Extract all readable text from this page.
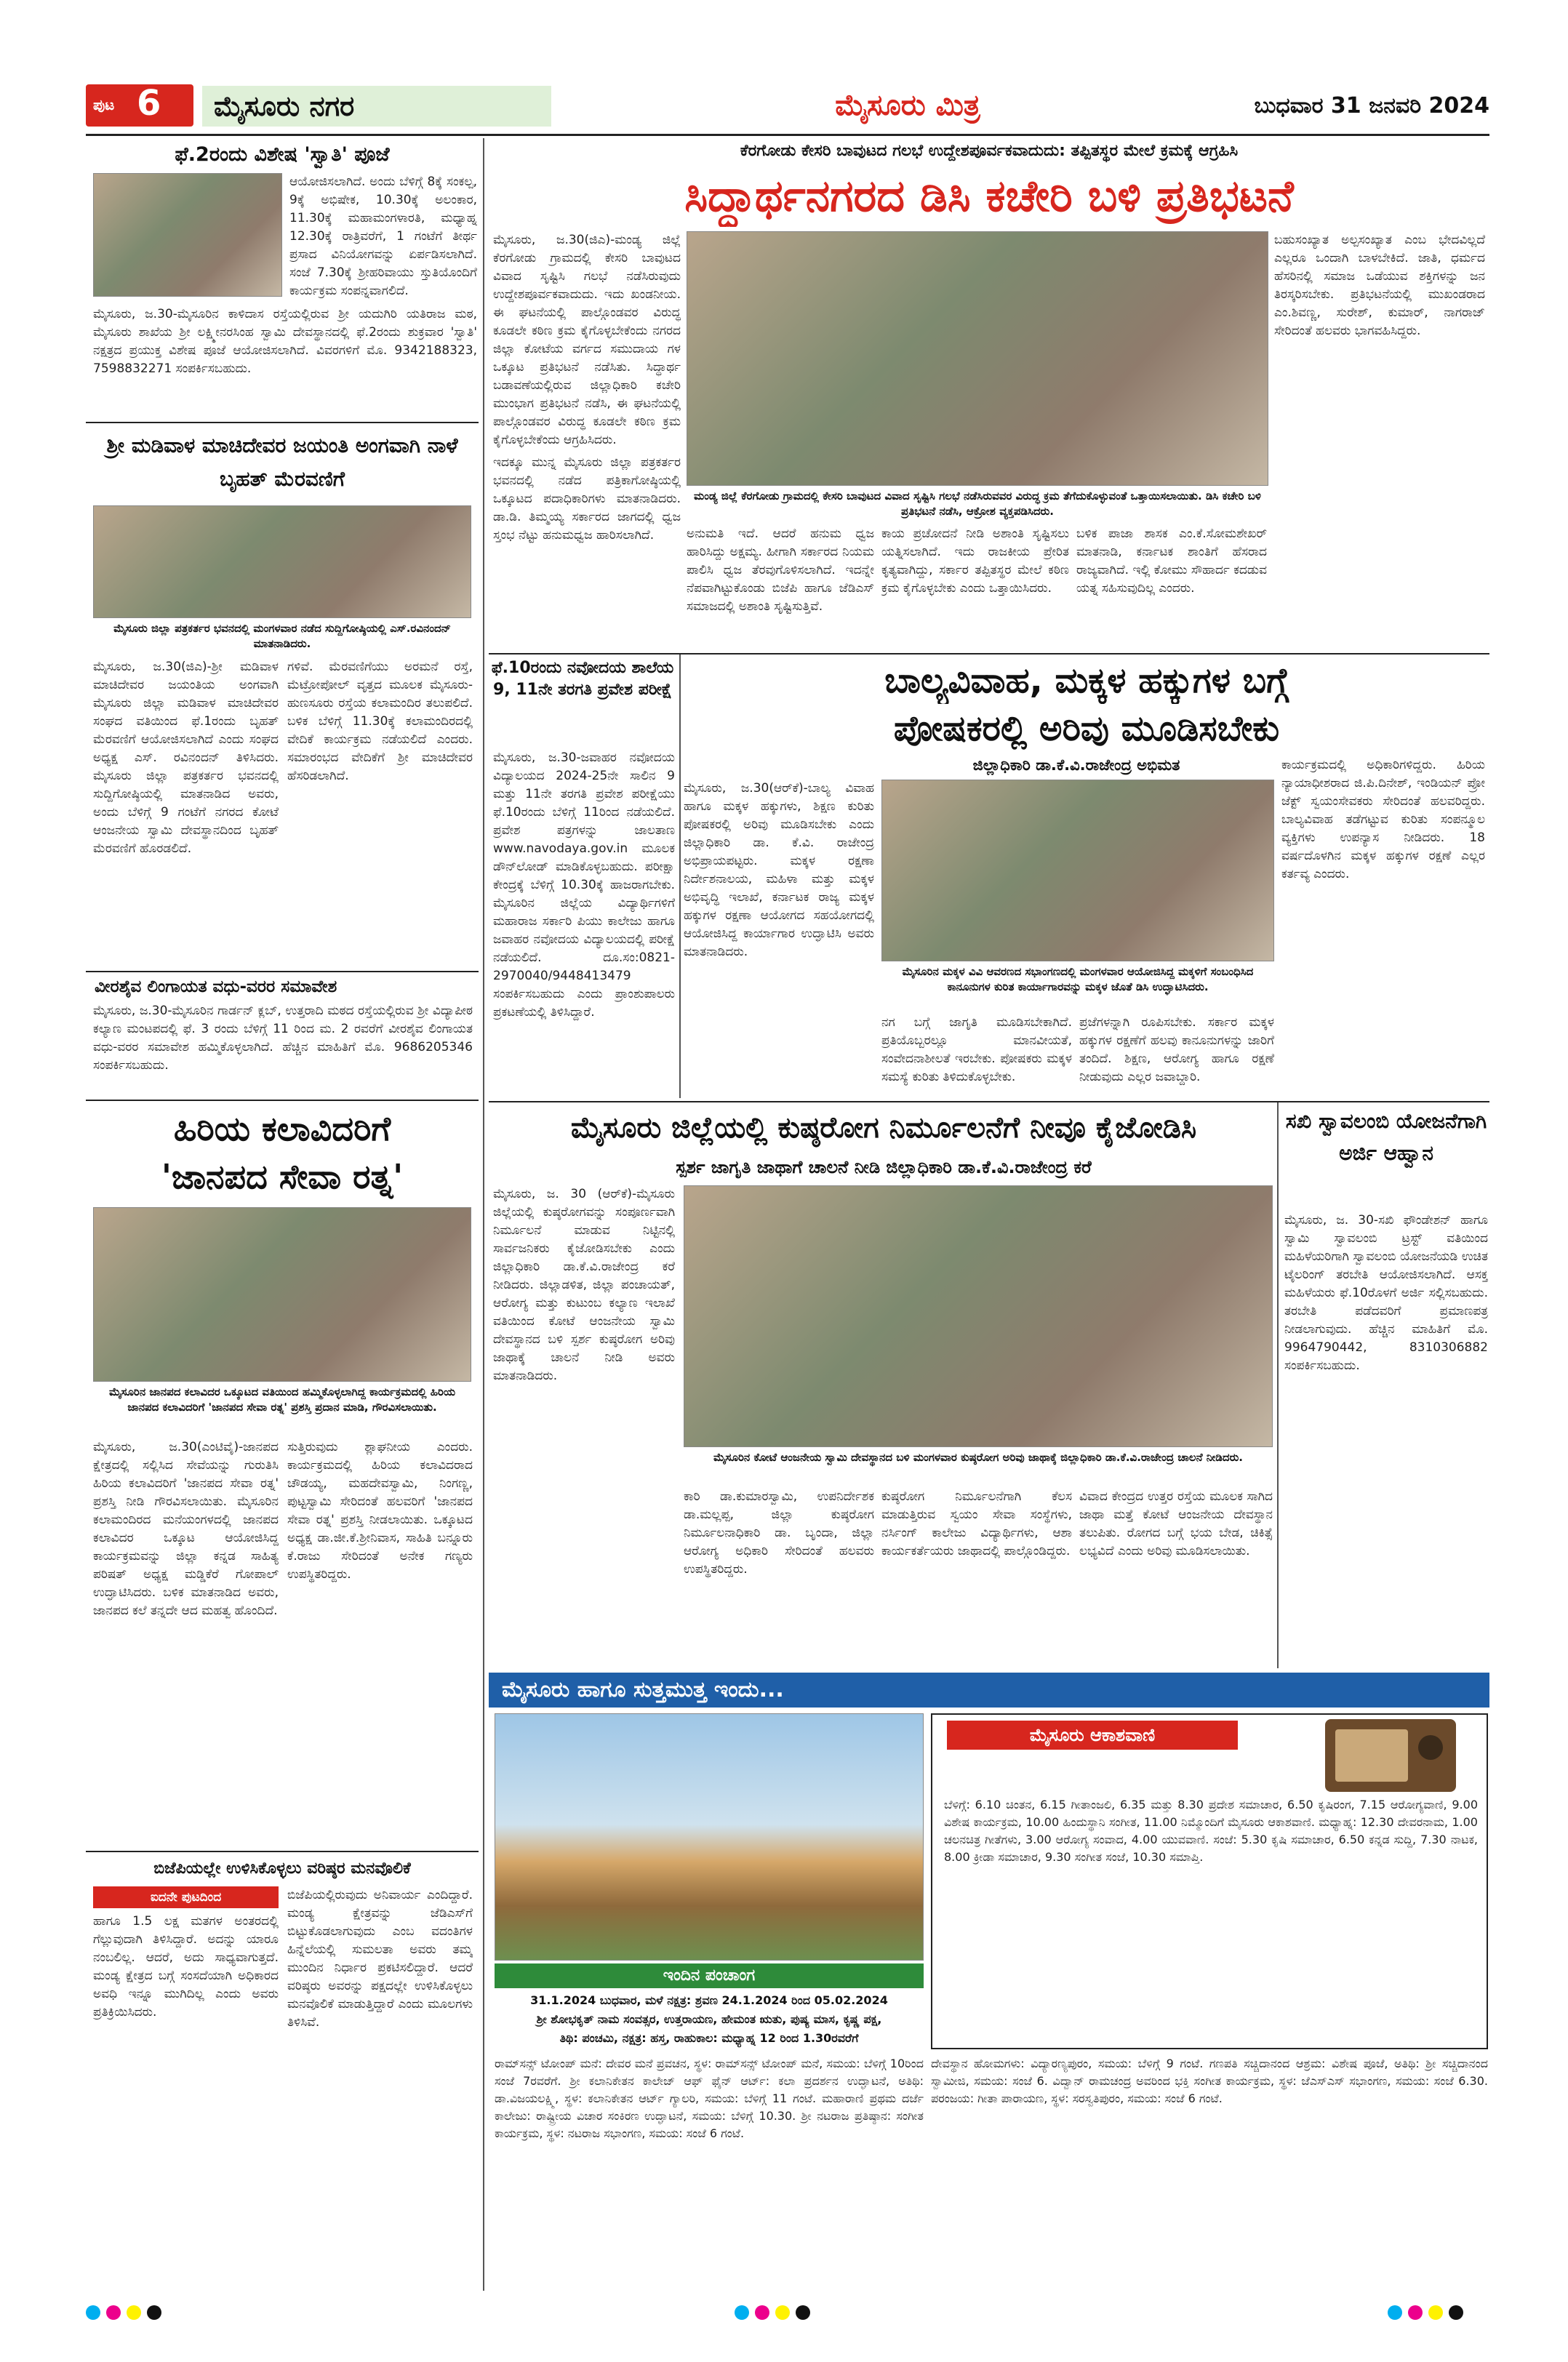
ಪುಟ 6	ಮೈಸೂರು ನಗರ	ಮೈಸೂರು ಮಿತ್ರ	ಬುಧವಾರ 31 ಜನವರಿ 2024
ಫೆ.2ರಂದು ವಿಶೇಷ 'ಸ್ವಾತಿ' ಪೂಜೆ
ಆಯೋಜಿಸಲಾಗಿದೆ. ಅಂದು ಬೆಳಿಗ್ಗೆ 8ಕ್ಕೆ ಸಂಕಲ್ಪ, 9ಕ್ಕೆ ಅಭಿಷೇಕ, 10.30ಕ್ಕೆ ಅಲಂಕಾರ, 11.30ಕ್ಕೆ ಮಹಾಮಂಗಳಾರತಿ, ಮಧ್ಯಾಹ್ನ 12.30ಕ್ಕೆ ರಾತ್ರಿವರೆಗೆ, 1 ಗಂಟೆಗೆ ತೀರ್ಥ ಪ್ರಸಾದ ವಿನಿಯೋಗವನ್ನು ಏರ್ಪಡಿಸಲಾಗಿದೆ. ಸಂಜೆ 7.30ಕ್ಕೆ ಶ್ರೀಹರಿವಾಯು ಸ್ತುತಿಯೊಂದಿಗೆ ಕಾರ್ಯಕ್ರಮ ಸಂಪನ್ನವಾಗಲಿದೆ.
ಮೈಸೂರು, ಜ.30-ಮೈಸೂರಿನ ಕಾಳಿದಾಸ ರಸ್ತೆಯಲ್ಲಿರುವ ಶ್ರೀ ಯದುಗಿರಿ ಯತಿರಾಜ ಮಠ, ಮೈಸೂರು ಶಾಖೆಯ ಶ್ರೀ ಲಕ್ಷ್ಮೀನರಸಿಂಹ ಸ್ವಾಮಿ ದೇವಸ್ಥಾನದಲ್ಲಿ ಫೆ.2ರಂದು ಶುಕ್ರವಾರ 'ಸ್ವಾತಿ' ನಕ್ಷತ್ರದ ಪ್ರಯುಕ್ತ ವಿಶೇಷ ಪೂಜೆ ಆಯೋಜಿಸಲಾಗಿದೆ. ವಿವರಗಳಿಗೆ ಮೊ. 9342188323, 7598832271 ಸಂಪರ್ಕಿಸಬಹುದು.
ಶ್ರೀ ಮಡಿವಾಳ ಮಾಚಿದೇವರ ಜಯಂತಿ ಅಂಗವಾಗಿ ನಾಳೆ ಬೃಹತ್ ಮೆರವಣಿಗೆ
ಮೈಸೂರು ಜಿಲ್ಲಾ ಪತ್ರಕರ್ತರ ಭವನದಲ್ಲಿ ಮಂಗಳವಾರ ನಡೆದ ಸುದ್ದಿಗೋಷ್ಠಿಯಲ್ಲಿ ಎಸ್.ರವಿನಂದನ್ ಮಾತನಾಡಿದರು.
ಮೈಸೂರು, ಜ.30(ಜಿಎ)-ಶ್ರೀ ಮಡಿವಾಳ ಮಾಚಿದೇವರ ಜಯಂತಿಯ ಅಂಗವಾಗಿ ಮೈಸೂರು ಜಿಲ್ಲಾ ಮಡಿವಾಳ ಮಾಚಿದೇವರ ಸಂಘದ ವತಿಯಿಂದ ಫೆ.1ರಂದು ಬೃಹತ್ ಮೆರವಣಿಗೆ ಆಯೋಜಿಸಲಾಗಿದೆ ಎಂದು ಸಂಘದ ಅಧ್ಯಕ್ಷ ಎಸ್. ರವಿನಂದನ್ ತಿಳಿಸಿದರು. ಮೈಸೂರು ಜಿಲ್ಲಾ ಪತ್ರಕರ್ತರ ಭವನದಲ್ಲಿ ಸುದ್ದಿಗೋಷ್ಠಿಯಲ್ಲಿ ಮಾತನಾಡಿದ ಅವರು, ಅಂದು ಬೆಳಿಗ್ಗೆ 9 ಗಂಟೆಗೆ ನಗರದ ಕೋಟೆ ಆಂಜನೇಯ ಸ್ವಾಮಿ ದೇವಸ್ಥಾನದಿಂದ ಬೃಹತ್ ಮೆರವಣಿಗೆ ಹೊರಡಲಿದೆ.
ಗಳಿವೆ. ಮೆರವಣಿಗೆಯು ಅರಮನೆ ರಸ್ತೆ, ಮೆಟ್ರೋಪೋಲ್ ವೃತ್ತದ ಮೂಲಕ ಮೈಸೂರು-ಹುಣಸೂರು ರಸ್ತೆಯ ಕಲಾಮಂದಿರ ತಲುಪಲಿದೆ. ಬಳಿಕ ಬೆಳಿಗ್ಗೆ 11.30ಕ್ಕೆ ಕಲಾಮಂದಿರದಲ್ಲಿ ವೇದಿಕೆ ಕಾರ್ಯಕ್ರಮ ನಡೆಯಲಿದೆ ಎಂದರು. ಸಮಾರಂಭದ ವೇದಿಕೆಗೆ ಶ್ರೀ ಮಾಚಿದೇವರ ಹೆಸರಿಡಲಾಗಿದೆ.
ವೀರಶೈವ ಲಿಂಗಾಯತ ವಧು-ವರರ ಸಮಾವೇಶ
ಮೈಸೂರು, ಜ.30-ಮೈಸೂರಿನ ಗಾರ್ಡನ್ ಕ್ಲಬ್, ಉತ್ತರಾದಿ ಮಠದ ರಸ್ತೆಯಲ್ಲಿರುವ ಶ್ರೀ ವಿದ್ಯಾಪೀಠ ಕಲ್ಯಾಣ ಮಂಟಪದಲ್ಲಿ ಫೆ. 3 ರಂದು ಬೆಳಿಗ್ಗೆ 11 ರಿಂದ ಮ. 2 ರವರೆಗೆ ವೀರಶೈವ ಲಿಂಗಾಯತ ವಧು-ವರರ ಸಮಾವೇಶ ಹಮ್ಮಿಕೊಳ್ಳಲಾಗಿದೆ. ಹೆಚ್ಚಿನ ಮಾಹಿತಿಗೆ ಮೊ. 9686205346 ಸಂಪರ್ಕಿಸಬಹುದು.
ಹಿರಿಯ ಕಲಾವಿದರಿಗೆ
'ಜಾನಪದ ಸೇವಾ ರತ್ನ'
ಮೈಸೂರಿನ ಜಾನಪದ ಕಲಾವಿದರ ಒಕ್ಕೂಟದ ವತಿಯಿಂದ ಹಮ್ಮಿಕೊಳ್ಳಲಾಗಿದ್ದ ಕಾರ್ಯಕ್ರಮದಲ್ಲಿ ಹಿರಿಯ ಜಾನಪದ ಕಲಾವಿದರಿಗೆ 'ಜಾನಪದ ಸೇವಾ ರತ್ನ' ಪ್ರಶಸ್ತಿ ಪ್ರದಾನ ಮಾಡಿ, ಗೌರವಿಸಲಾಯಿತು.
ಮೈಸೂರು, ಜ.30(ಎಂಟಿವೈ)-ಜಾನಪದ ಕ್ಷೇತ್ರದಲ್ಲಿ ಸಲ್ಲಿಸಿದ ಸೇವೆಯನ್ನು ಗುರುತಿಸಿ ಹಿರಿಯ ಕಲಾವಿದರಿಗೆ 'ಜಾನಪದ ಸೇವಾ ರತ್ನ' ಪ್ರಶಸ್ತಿ ನೀಡಿ ಗೌರವಿಸಲಾಯಿತು. ಮೈಸೂರಿನ ಕಲಾಮಂದಿರದ ಮನೆಯಂಗಳದಲ್ಲಿ ಜಾನಪದ ಕಲಾವಿದರ ಒಕ್ಕೂಟ ಆಯೋಜಿಸಿದ್ದ ಕಾರ್ಯಕ್ರಮವನ್ನು ಜಿಲ್ಲಾ ಕನ್ನಡ ಸಾಹಿತ್ಯ ಪರಿಷತ್ ಅಧ್ಯಕ್ಷ ಮಡ್ಡಿಕೆರೆ ಗೋಪಾಲ್ ಉದ್ಘಾಟಿಸಿದರು. ಬಳಿಕ ಮಾತನಾಡಿದ ಅವರು, ಜಾನಪದ ಕಲೆ ತನ್ನದೇ ಆದ ಮಹತ್ವ ಹೊಂದಿದೆ.
ಸುತ್ತಿರುವುದು ಶ್ಲಾಘನೀಯ ಎಂದರು. ಕಾರ್ಯಕ್ರಮದಲ್ಲಿ ಹಿರಿಯ ಕಲಾವಿದರಾದ ಚೌಡಯ್ಯ, ಮಹದೇವಸ್ವಾಮಿ, ನಿಂಗಣ್ಣ, ಪುಟ್ಟಸ್ವಾಮಿ ಸೇರಿದಂತೆ ಹಲವರಿಗೆ 'ಜಾನಪದ ಸೇವಾ ರತ್ನ' ಪ್ರಶಸ್ತಿ ನೀಡಲಾಯಿತು. ಒಕ್ಕೂಟದ ಅಧ್ಯಕ್ಷ ಡಾ.ಜೀ.ಕೆ.ಶ್ರೀನಿವಾಸ, ಸಾಹಿತಿ ಬನ್ನೂರು ಕೆ.ರಾಜು ಸೇರಿದಂತೆ ಅನೇಕ ಗಣ್ಯರು ಉಪಸ್ಥಿತರಿದ್ದರು.
ಬಿಜೆಪಿಯಲ್ಲೇ ಉಳಿಸಿಕೊಳ್ಳಲು ವರಿಷ್ಠರ ಮನವೊಲಿಕೆ
ಐದನೇ ಪುಟದಿಂದ
ಹಾಗೂ 1.5 ಲಕ್ಷ ಮತಗಳ ಅಂತರದಲ್ಲಿ ಗೆಲ್ಲುವುದಾಗಿ ತಿಳಿಸಿದ್ದಾರೆ. ಅದನ್ನು ಯಾರೂ ನಂಬಲಿಲ್ಲ. ಆದರೆ, ಅದು ಸಾಧ್ಯವಾಗುತ್ತದೆ. ಮಂಡ್ಯ ಕ್ಷೇತ್ರದ ಬಗ್ಗೆ ಸಂಸದೆಯಾಗಿ ಅಧಿಕಾರದ ಅವಧಿ ಇನ್ನೂ ಮುಗಿದಿಲ್ಲ ಎಂದು ಅವರು ಪ್ರತಿಕ್ರಿಯಿಸಿದರು.
ಬಿಜೆಪಿಯಲ್ಲಿರುವುದು ಅನಿವಾರ್ಯ ಎಂದಿದ್ದಾರೆ. ಮಂಡ್ಯ ಕ್ಷೇತ್ರವನ್ನು ಜೆಡಿಎಸ್‌ಗೆ ಬಿಟ್ಟುಕೊಡಲಾಗುವುದು ಎಂಬ ವದಂತಿಗಳ ಹಿನ್ನೆಲೆಯಲ್ಲಿ ಸುಮಲತಾ ಅವರು ತಮ್ಮ ಮುಂದಿನ ನಿರ್ಧಾರ ಪ್ರಕಟಿಸಲಿದ್ದಾರೆ. ಆದರೆ ವರಿಷ್ಠರು ಅವರನ್ನು ಪಕ್ಷದಲ್ಲೇ ಉಳಿಸಿಕೊಳ್ಳಲು ಮನವೊಲಿಕೆ ಮಾಡುತ್ತಿದ್ದಾರೆ ಎಂದು ಮೂಲಗಳು ತಿಳಿಸಿವೆ.
ಕೆರಗೋಡು ಕೇಸರಿ ಬಾವುಟದ ಗಲಭೆ ಉದ್ದೇಶಪೂರ್ವಕವಾದುದು: ತಪ್ಪಿತಸ್ಥರ ಮೇಲೆ ಕ್ರಮಕ್ಕೆ ಆಗ್ರಹಿಸಿ
ಸಿದ್ಧಾರ್ಥನಗರದ ಡಿಸಿ ಕಚೇರಿ ಬಳಿ ಪ್ರತಿಭಟನೆ
ಮೈಸೂರು, ಜ.30(ಜಿಎ)-ಮಂಡ್ಯ ಜಿಲ್ಲೆ ಕೆರಗೋಡು ಗ್ರಾಮದಲ್ಲಿ ಕೇಸರಿ ಬಾವುಟದ ವಿವಾದ ಸೃಷ್ಟಿಸಿ ಗಲಭೆ ನಡೆಸಿರುವುದು ಉದ್ದೇಶಪೂರ್ವಕವಾದುದು. ಇದು ಖಂಡನೀಯ. ಈ ಘಟನೆಯಲ್ಲಿ ಪಾಲ್ಗೊಂಡವರ ವಿರುದ್ಧ ಕೂಡಲೇ ಕಠಿಣ ಕ್ರಮ ಕೈಗೊಳ್ಳಬೇಕೆಂದು ನಗರದ ಜಿಲ್ಲಾ ಕೋಟೆಯ ವರ್ಗದ ಸಮುದಾಯ ಗಳ ಒಕ್ಕೂಟ ಪ್ರತಿಭಟನೆ ನಡೆಸಿತು. ಸಿದ್ಧಾರ್ಥ ಬಡಾವಣೆಯಲ್ಲಿರುವ ಜಿಲ್ಲಾಧಿಕಾರಿ ಕಚೇರಿ ಮುಂಭಾಗ ಪ್ರತಿಭಟನೆ ನಡೆಸಿ, ಈ ಘಟನೆಯಲ್ಲಿ ಪಾಲ್ಗೊಂಡವರ ವಿರುದ್ಧ ಕೂಡಲೇ ಕಠಿಣ ಕ್ರಮ ಕೈಗೊಳ್ಳಬೇಕೆಂದು ಆಗ್ರಹಿಸಿದರು.
ಇದಕ್ಕೂ ಮುನ್ನ ಮೈಸೂರು ಜಿಲ್ಲಾ ಪತ್ರಕರ್ತರ ಭವನದಲ್ಲಿ ನಡೆದ ಪತ್ರಿಕಾಗೋಷ್ಠಿಯಲ್ಲಿ ಒಕ್ಕೂಟದ ಪದಾಧಿಕಾರಿಗಳು ಮಾತನಾಡಿದರು. ಡಾ.ಡಿ. ತಿಮ್ಮಯ್ಯ ಸರ್ಕಾರದ ಜಾಗದಲ್ಲಿ ಧ್ವಜ ಸ್ತಂಭ ನೆಟ್ಟು ಹನುಮಧ್ವಜ ಹಾರಿಸಲಾಗಿದೆ.
ಮಂಡ್ಯ ಜಿಲ್ಲೆ ಕೆರಗೋಡು ಗ್ರಾಮದಲ್ಲಿ ಕೇಸರಿ ಬಾವುಟದ ವಿವಾದ ಸೃಷ್ಟಿಸಿ ಗಲಭೆ ನಡೆಸಿರುವವರ ವಿರುದ್ಧ ಕ್ರಮ ತೆಗೆದುಕೊಳ್ಳುವಂತೆ ಒತ್ತಾಯಿಸಲಾಯಿತು. ಡಿಸಿ ಕಚೇರಿ ಬಳಿ ಪ್ರತಿಭಟನೆ ನಡೆಸಿ, ಆಕ್ರೋಶ ವ್ಯಕ್ತಪಡಿಸಿದರು.
ಅನುಮತಿ ಇದೆ. ಆದರೆ ಹನುಮ ಧ್ವಜ ಹಾರಿಸಿದ್ದು ಅಕ್ಷಮ್ಯ. ಹೀಗಾಗಿ ಸರ್ಕಾರದ ನಿಯಮ ಪಾಲಿಸಿ ಧ್ವಜ ತೆರವುಗೊಳಿಸಲಾಗಿದೆ. ಇದನ್ನೇ ನೆಪವಾಗಿಟ್ಟುಕೊಂಡು ಬಿಜೆಪಿ ಹಾಗೂ ಜೆಡಿಎಸ್ ಸಮಾಜದಲ್ಲಿ ಅಶಾಂತಿ ಸೃಷ್ಟಿಸುತ್ತಿವೆ.
ಕಾಯ ಪ್ರಚೋದನೆ ನೀಡಿ ಅಶಾಂತಿ ಸೃಷ್ಟಿಸಲು ಯತ್ನಿಸಲಾಗಿದೆ. ಇದು ರಾಜಕೀಯ ಪ್ರೇರಿತ ಕೃತ್ಯವಾಗಿದ್ದು, ಸರ್ಕಾರ ತಪ್ಪಿತಸ್ಥರ ಮೇಲೆ ಕಠಿಣ ಕ್ರಮ ಕೈಗೊಳ್ಳಬೇಕು ಎಂದು ಒತ್ತಾಯಿಸಿದರು.
ಬಳಿಕ ಪಾಜಾ ಶಾಸಕ ಎಂ.ಕೆ.ಸೋಮಶೇಖರ್ ಮಾತನಾಡಿ, ಕರ್ನಾಟಕ ಶಾಂತಿಗೆ ಹೆಸರಾದ ರಾಜ್ಯವಾಗಿದೆ. ಇಲ್ಲಿ ಕೋಮು ಸೌಹಾರ್ದ ಕದಡುವ ಯತ್ನ ಸಹಿಸುವುದಿಲ್ಲ ಎಂದರು.
ಬಹುಸಂಖ್ಯಾತ ಅಲ್ಪಸಂಖ್ಯಾತ ಎಂಬ ಭೇದವಿಲ್ಲದೆ ಎಲ್ಲರೂ ಒಂದಾಗಿ ಬಾಳಬೇಕಿದೆ. ಜಾತಿ, ಧರ್ಮದ ಹೆಸರಿನಲ್ಲಿ ಸಮಾಜ ಒಡೆಯುವ ಶಕ್ತಿಗಳನ್ನು ಜನ ತಿರಸ್ಕರಿಸಬೇಕು. ಪ್ರತಿಭಟನೆಯಲ್ಲಿ ಮುಖಂಡರಾದ ಎಂ.ಶಿವಣ್ಣ, ಸುರೇಶ್, ಕುಮಾರ್, ನಾಗರಾಜ್ ಸೇರಿದಂತೆ ಹಲವರು ಭಾಗವಹಿಸಿದ್ದರು.
ಫೆ.10ರಂದು ನವೋದಯ ಶಾಲೆಯ 9, 11ನೇ ತರಗತಿ ಪ್ರವೇಶ ಪರೀಕ್ಷೆ
ಮೈಸೂರು, ಜ.30-ಜವಾಹರ ನವೋದಯ ವಿದ್ಯಾಲಯದ 2024-25ನೇ ಸಾಲಿನ 9 ಮತ್ತು 11ನೇ ತರಗತಿ ಪ್ರವೇಶ ಪರೀಕ್ಷೆಯು ಫೆ.10ರಂದು ಬೆಳಿಗ್ಗೆ 11ರಿಂದ ನಡೆಯಲಿದೆ. ಪ್ರವೇಶ ಪತ್ರಗಳನ್ನು ಜಾಲತಾಣ www.navodaya.gov.in ಮೂಲಕ ಡೌನ್‌ಲೋಡ್ ಮಾಡಿಕೊಳ್ಳಬಹುದು. ಪರೀಕ್ಷಾ ಕೇಂದ್ರಕ್ಕೆ ಬೆಳಿಗ್ಗೆ 10.30ಕ್ಕೆ ಹಾಜರಾಗಬೇಕು. ಮೈಸೂರಿನ ಜಿಲ್ಲೆಯ ವಿದ್ಯಾರ್ಥಿಗಳಿಗೆ ಮಹಾರಾಜ ಸರ್ಕಾರಿ ಪಿಯು ಕಾಲೇಜು ಹಾಗೂ ಜವಾಹರ ನವೋದಯ ವಿದ್ಯಾಲಯದಲ್ಲಿ ಪರೀಕ್ಷೆ ನಡೆಯಲಿದೆ. ದೂ.ಸಂ:0821-2970040/9448413479 ಸಂಪರ್ಕಿಸಬಹುದು ಎಂದು ಪ್ರಾಂಶುಪಾಲರು ಪ್ರಕಟಣೆಯಲ್ಲಿ ತಿಳಿಸಿದ್ದಾರೆ.
ಬಾಲ್ಯವಿವಾಹ, ಮಕ್ಕಳ ಹಕ್ಕುಗಳ ಬಗ್ಗೆ
ಪೋಷಕರಲ್ಲಿ ಅರಿವು ಮೂಡಿಸಬೇಕು
ಜಿಲ್ಲಾಧಿಕಾರಿ ಡಾ.ಕೆ.ವಿ.ರಾಜೇಂದ್ರ ಅಭಿಮತ
ಮೈಸೂರು, ಜ.30(ಆರ್‌ಕೆ)-ಬಾಲ್ಯ ವಿವಾಹ ಹಾಗೂ ಮಕ್ಕಳ ಹಕ್ಕುಗಳು, ಶಿಕ್ಷಣ ಕುರಿತು ಪೋಷಕರಲ್ಲಿ ಅರಿವು ಮೂಡಿಸಬೇಕು ಎಂದು ಜಿಲ್ಲಾಧಿಕಾರಿ ಡಾ. ಕೆ.ವಿ. ರಾಜೇಂದ್ರ ಅಭಿಪ್ರಾಯಪಟ್ಟರು. ಮಕ್ಕಳ ರಕ್ಷಣಾ ನಿರ್ದೇಶನಾಲಯ, ಮಹಿಳಾ ಮತ್ತು ಮಕ್ಕಳ ಅಭಿವೃದ್ಧಿ ಇಲಾಖೆ, ಕರ್ನಾಟಕ ರಾಜ್ಯ ಮಕ್ಕಳ ಹಕ್ಕುಗಳ ರಕ್ಷಣಾ ಆಯೋಗದ ಸಹಯೋಗದಲ್ಲಿ ಆಯೋಜಿಸಿದ್ದ ಕಾರ್ಯಾಗಾರ ಉದ್ಘಾಟಿಸಿ ಅವರು ಮಾತನಾಡಿದರು.
ಮೈಸೂರಿನ ಮಕ್ಕಳ ವಿವಿ ಆವರಣದ ಸಭಾಂಗಣದಲ್ಲಿ ಮಂಗಳವಾರ ಆಯೋಜಿಸಿದ್ದ ಮಕ್ಕಳಿಗೆ ಸಂಬಂಧಿಸಿದ ಕಾನೂನುಗಳ ಕುರಿತ ಕಾರ್ಯಾಗಾರವನ್ನು ಮಕ್ಕಳ ಜೊತೆ ಡಿಸಿ ಉದ್ಘಾಟಿಸಿದರು.
ನಗ ಬಗ್ಗೆ ಜಾಗೃತಿ ಮೂಡಿಸಬೇಕಾಗಿದೆ. ಪ್ರತಿಯೊಬ್ಬರಲ್ಲೂ ಮಾನವೀಯತೆ, ಸಂವೇದನಾಶೀಲತೆ ಇರಬೇಕು. ಪೋಷಕರು ಮಕ್ಕಳ ಸಮಸ್ಯೆ ಕುರಿತು ತಿಳಿದುಕೊಳ್ಳಬೇಕು.
ಪ್ರಜೆಗಳನ್ನಾಗಿ ರೂಪಿಸಬೇಕು. ಸರ್ಕಾರ ಮಕ್ಕಳ ಹಕ್ಕುಗಳ ರಕ್ಷಣೆಗೆ ಹಲವು ಕಾನೂನುಗಳನ್ನು ಜಾರಿಗೆ ತಂದಿದೆ. ಶಿಕ್ಷಣ, ಆರೋಗ್ಯ ಹಾಗೂ ರಕ್ಷಣೆ ನೀಡುವುದು ಎಲ್ಲರ ಜವಾಬ್ದಾರಿ.
ಕಾರ್ಯಕ್ರಮದಲ್ಲಿ ಅಧಿಕಾರಿಗಳಿದ್ದರು. ಹಿರಿಯ ನ್ಯಾಯಾಧೀಶರಾದ ಜಿ.ಪಿ.ದಿನೇಶ್, ಇಂಡಿಯನ್ ಪ್ರೋ ಜೆಕ್ಟ್ ಸ್ವಯಂಸೇವಕರು ಸೇರಿದಂತೆ ಹಲವರಿದ್ದರು. ಬಾಲ್ಯವಿವಾಹ ತಡೆಗಟ್ಟುವ ಕುರಿತು ಸಂಪನ್ಮೂಲ ವ್ಯಕ್ತಿಗಳು ಉಪನ್ಯಾಸ ನೀಡಿದರು. 18 ವರ್ಷದೊಳಗಿನ ಮಕ್ಕಳ ಹಕ್ಕುಗಳ ರಕ್ಷಣೆ ಎಲ್ಲರ ಕರ್ತವ್ಯ ಎಂದರು.
ಮೈಸೂರು ಜಿಲ್ಲೆಯಲ್ಲಿ ಕುಷ್ಠರೋಗ ನಿರ್ಮೂಲನೆಗೆ ನೀವೂ ಕೈಜೋಡಿಸಿ
ಸ್ಪರ್ಶ ಜಾಗೃತಿ ಜಾಥಾಗೆ ಚಾಲನೆ ನೀಡಿ ಜಿಲ್ಲಾಧಿಕಾರಿ ಡಾ.ಕೆ.ವಿ.ರಾಜೇಂದ್ರ ಕರೆ
ಮೈಸೂರು, ಜ. 30 (ಆರ್‌ಕೆ)-ಮೈಸೂರು ಜಿಲ್ಲೆಯಲ್ಲಿ ಕುಷ್ಠರೋಗವನ್ನು ಸಂಪೂರ್ಣವಾಗಿ ನಿರ್ಮೂಲನೆ ಮಾಡುವ ನಿಟ್ಟಿನಲ್ಲಿ ಸಾರ್ವಜನಿಕರು ಕೈಜೋಡಿಸಬೇಕು ಎಂದು ಜಿಲ್ಲಾಧಿಕಾರಿ ಡಾ.ಕೆ.ವಿ.ರಾಜೇಂದ್ರ ಕರೆ ನೀಡಿದರು. ಜಿಲ್ಲಾಡಳಿತ, ಜಿಲ್ಲಾ ಪಂಚಾಯತ್, ಆರೋಗ್ಯ ಮತ್ತು ಕುಟುಂಬ ಕಲ್ಯಾಣ ಇಲಾಖೆ ವತಿಯಿಂದ ಕೋಟೆ ಆಂಜನೇಯ ಸ್ವಾಮಿ ದೇವಸ್ಥಾನದ ಬಳಿ ಸ್ಪರ್ಶ ಕುಷ್ಠರೋಗ ಅರಿವು ಜಾಥಾಕ್ಕೆ ಚಾಲನೆ ನೀಡಿ ಅವರು ಮಾತನಾಡಿದರು.
ಮೈಸೂರಿನ ಕೋಟೆ ಆಂಜನೇಯ ಸ್ವಾಮಿ ದೇವಸ್ಥಾನದ ಬಳಿ ಮಂಗಳವಾರ ಕುಷ್ಠರೋಗ ಅರಿವು ಜಾಥಾಕ್ಕೆ ಜಿಲ್ಲಾಧಿಕಾರಿ ಡಾ.ಕೆ.ವಿ.ರಾಜೇಂದ್ರ ಚಾಲನೆ ನೀಡಿದರು.
ಕಾರಿ ಡಾ.ಕುಮಾರಸ್ವಾಮಿ, ಉಪನಿರ್ದೇಶಕ ಡಾ.ಮಲ್ಲಪ್ಪ, ಜಿಲ್ಲಾ ಕುಷ್ಠರೋಗ ನಿರ್ಮೂಲನಾಧಿಕಾರಿ ಡಾ. ಬೃಂದಾ, ಜಿಲ್ಲಾ ಆರೋಗ್ಯ ಅಧಿಕಾರಿ ಸೇರಿದಂತೆ ಹಲವರು ಉಪಸ್ಥಿತರಿದ್ದರು.
ಕುಷ್ಠರೋಗ ನಿರ್ಮೂಲನೆಗಾಗಿ ಕೆಲಸ ಮಾಡುತ್ತಿರುವ ಸ್ವಯಂ ಸೇವಾ ಸಂಸ್ಥೆಗಳು, ನರ್ಸಿಂಗ್ ಕಾಲೇಜು ವಿದ್ಯಾರ್ಥಿಗಳು, ಆಶಾ ಕಾರ್ಯಕರ್ತೆಯರು ಜಾಥಾದಲ್ಲಿ ಪಾಲ್ಗೊಂಡಿದ್ದರು.
ವಿವಾದ ಕೇಂದ್ರದ ಉತ್ತರ ರಸ್ತೆಯ ಮೂಲಕ ಸಾಗಿದ ಜಾಥಾ ಮತ್ತೆ ಕೋಟೆ ಆಂಜನೇಯ ದೇವಸ್ಥಾನ ತಲುಪಿತು. ರೋಗದ ಬಗ್ಗೆ ಭಯ ಬೇಡ, ಚಿಕಿತ್ಸೆ ಲಭ್ಯವಿದೆ ಎಂದು ಅರಿವು ಮೂಡಿಸಲಾಯಿತು.
ಸಖಿ ಸ್ವಾವಲಂಬಿ ಯೋಜನೆಗಾಗಿ ಅರ್ಜಿ ಆಹ್ವಾನ
ಮೈಸೂರು, ಜ. 30-ಸಖಿ ಫೌಂಡೇಶನ್ ಹಾಗೂ ಸ್ವಾಮಿ ಸ್ವಾವಲಂಬಿ ಟ್ರಸ್ಟ್ ವತಿಯಿಂದ ಮಹಿಳೆಯರಿಗಾಗಿ ಸ್ವಾವಲಂಬಿ ಯೋಜನೆಯಡಿ ಉಚಿತ ಟೈಲರಿಂಗ್ ತರಬೇತಿ ಆಯೋಜಿಸಲಾಗಿದೆ. ಆಸಕ್ತ ಮಹಿಳೆಯರು ಫೆ.10ರೊಳಗೆ ಅರ್ಜಿ ಸಲ್ಲಿಸಬಹುದು. ತರಬೇತಿ ಪಡೆದವರಿಗೆ ಪ್ರಮಾಣಪತ್ರ ನೀಡಲಾಗುವುದು. ಹೆಚ್ಚಿನ ಮಾಹಿತಿಗೆ ಮೊ. 9964790442, 8310306882 ಸಂಪರ್ಕಿಸಬಹುದು.
ಮೈಸೂರು ಹಾಗೂ ಸುತ್ತಮುತ್ತ ಇಂದು...
ಇಂದಿನ ಪಂಚಾಂಗ
31.1.2024 ಬುಧವಾರ, ಮಳೆ ನಕ್ಷತ್ರ: ಶ್ರವಣ 24.1.2024 ರಿಂದ 05.02.2024
ಶ್ರೀ ಶೋಭಕೃತ್ ನಾಮ ಸಂವತ್ಸರ, ಉತ್ತರಾಯಣ, ಹೇಮಂತ ಋತು, ಪುಷ್ಯ ಮಾಸ, ಕೃಷ್ಣ ಪಕ್ಷ,
ತಿಥಿ: ಪಂಚಮಿ, ನಕ್ಷತ್ರ: ಹಸ್ತ, ರಾಹುಕಾಲ: ಮಧ್ಯಾಹ್ನ 12 ರಿಂದ 1.30ರವರೆಗೆ
ಮೈಸೂರು ಆಕಾಶವಾಣಿ
ಬೆಳಿಗ್ಗೆ: 6.10 ಚಿಂತನ, 6.15 ಗೀತಾಂಜಲಿ, 6.35 ಮತ್ತು 8.30 ಪ್ರದೇಶ ಸಮಾಚಾರ, 6.50 ಕೃಷಿರಂಗ, 7.15 ಆರೋಗ್ಯವಾಣಿ, 9.00 ವಿಶೇಷ ಕಾರ್ಯಕ್ರಮ, 10.00 ಹಿಂದುಸ್ಥಾನಿ ಸಂಗೀತ, 11.00 ನಿಮ್ಮೊಂದಿಗೆ ಮೈಸೂರು ಆಕಾಶವಾಣಿ. ಮಧ್ಯಾಹ್ನ: 12.30 ದೇವರನಾಮ, 1.00 ಚಲನಚಿತ್ರ ಗೀತೆಗಳು, 3.00 ಆರೋಗ್ಯ ಸಂವಾದ, 4.00 ಯುವವಾಣಿ. ಸಂಜೆ: 5.30 ಕೃಷಿ ಸಮಾಚಾರ, 6.50 ಕನ್ನಡ ಸುದ್ದಿ, 7.30 ನಾಟಕ, 8.00 ಕ್ರೀಡಾ ಸಮಾಚಾರ, 9.30 ಸಂಗೀತ ಸಂಜೆ, 10.30 ಸಮಾಪ್ತಿ.
ರಾಮ್‌ಸನ್ಸ್ ಟೋಂಪ್ ಮನೆ: ದೇವರ ಮನೆ ಪ್ರವಚನ, ಸ್ಥಳ: ರಾಮ್‌ಸನ್ಸ್ ಟೋಂಪ್ ಮನೆ, ಸಮಯ: ಬೆಳಿಗ್ಗೆ 10ರಿಂದ ಸಂಜೆ 7ರವರೆಗೆ. ಶ್ರೀ ಕಲಾನಿಕೇತನ ಕಾಲೇಜ್ ಆಫ್ ಫೈನ್ ಆರ್ಟ್: ಕಲಾ ಪ್ರದರ್ಶನ ಉದ್ಘಾಟನೆ, ಅತಿಥಿ: ಡಾ.ವಿಜಯಲಕ್ಷ್ಮಿ, ಸ್ಥಳ: ಕಲಾನಿಕೇತನ ಆರ್ಟ್ ಗ್ಯಾಲರಿ, ಸಮಯ: ಬೆಳಿಗ್ಗೆ 11 ಗಂಟೆ. ಮಹಾರಾಣಿ ಪ್ರಥಮ ದರ್ಜೆ ಕಾಲೇಜು: ರಾಷ್ಟ್ರೀಯ ವಿಚಾರ ಸಂಕಿರಣ ಉದ್ಘಾಟನೆ, ಸಮಯ: ಬೆಳಿಗ್ಗೆ 10.30. ಶ್ರೀ ನಟರಾಜ ಪ್ರತಿಷ್ಠಾನ: ಸಂಗೀತ ಕಾರ್ಯಕ್ರಮ, ಸ್ಥಳ: ನಟರಾಜ ಸಭಾಂಗಣ, ಸಮಯ: ಸಂಜೆ 6 ಗಂಟೆ.
ದೇವಸ್ಥಾನ ಹೋಮಗಳು: ವಿದ್ಯಾರಣ್ಯಪುರಂ, ಸಮಯ: ಬೆಳಿಗ್ಗೆ 9 ಗಂಟೆ. ಗಣಪತಿ ಸಚ್ಚಿದಾನಂದ ಆಶ್ರಮ: ವಿಶೇಷ ಪೂಜೆ, ಅತಿಥಿ: ಶ್ರೀ ಸಚ್ಚಿದಾನಂದ ಸ್ವಾಮೀಜಿ, ಸಮಯ: ಸಂಜೆ 6. ವಿದ್ವಾನ್ ರಾಮಚಂದ್ರ ಅವರಿಂದ ಭಕ್ತಿ ಸಂಗೀತ ಕಾರ್ಯಕ್ರಮ, ಸ್ಥಳ: ಜೆಎಸ್‌ಎಸ್ ಸಭಾಂಗಣ, ಸಮಯ: ಸಂಜೆ 6.30. ಪರಂಜಯ: ಗೀತಾ ಪಾರಾಯಣ, ಸ್ಥಳ: ಸರಸ್ವತಿಪುರಂ, ಸಮಯ: ಸಂಜೆ 6 ಗಂಟೆ.
